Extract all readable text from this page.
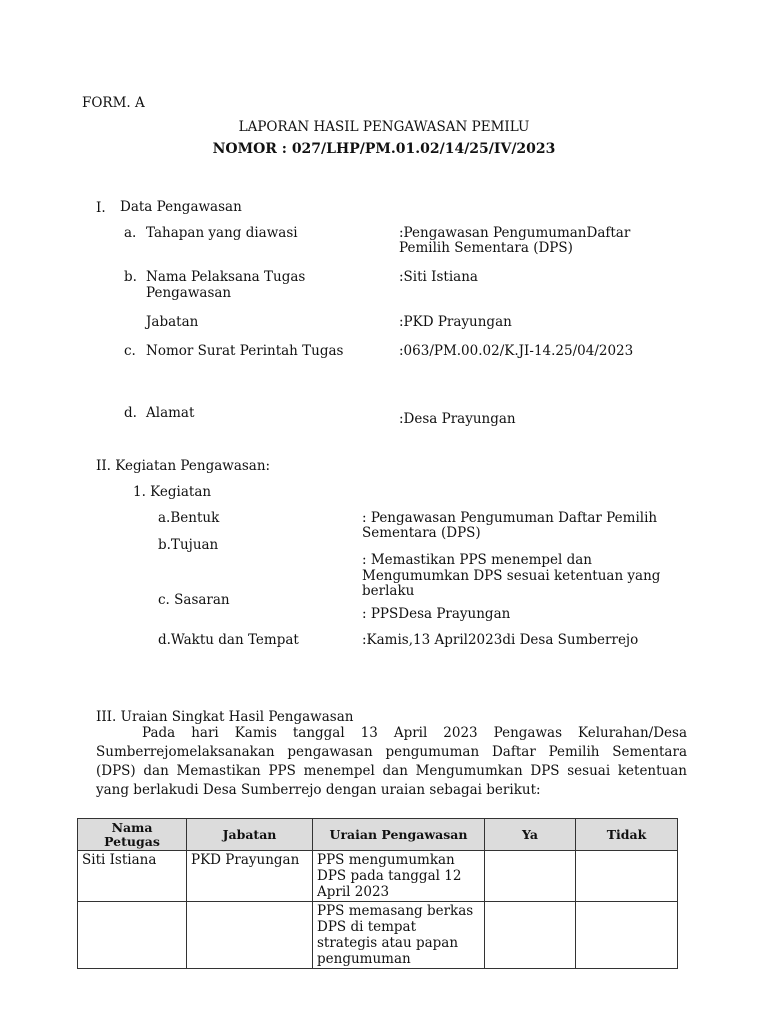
FORM. A
LAPORAN HASIL PENGAWASAN PEMILU
NOMOR : 027/LHP/PM.01.02/14/25/IV/2023
I. Data Pengawasan
a. Tahapan yang diawasi	:Pengawasan PengumumanDaftar
Pemilih Sementara (DPS)
b. Nama Pelaksana Tugas
Pengawasan
:Siti Istiana
Jabatan	:PKD Prayungan
c. Nomor Surat Perintah Tugas	:063/PM.00.02/K.JI-14.25/04/2023
d. Alamat	:Desa Prayungan
II. Kegiatan Pengawasan:
1. Kegiatan
a.Bentuk	: Pengawasan Pengumuman Daftar Pemilih
Sementara (DPS)
b.Tujuan
: Memastikan PPS menempel dan
Mengumumkan DPS sesuai ketentuan yang
berlaku
c. Sasaran
: PPSDesa Prayungan
d.Waktu dan Tempat	:Kamis,13 April2023di Desa Sumberrejo
III. Uraian Singkat Hasil Pengawasan
Pada hari Kamis tanggal 13 April 2023 Pengawas Kelurahan/Desa Sumberrejomelaksanakan pengawasan pengumuman Daftar Pemilih Sementara (DPS) dan Memastikan PPS menempel dan Mengumumkan DPS sesuai ketentuan yang berlakudi Desa Sumberrejo dengan uraian sebagai berikut:
Nama Petugas	Jabatan	Uraian Pengawasan	Ya	Tidak
Siti Istiana	PKD Prayungan	PPS mengumumkan DPS pada tanggal 12 April 2023		
		PPS memasang berkas DPS di tempat strategis atau papan pengumuman		
